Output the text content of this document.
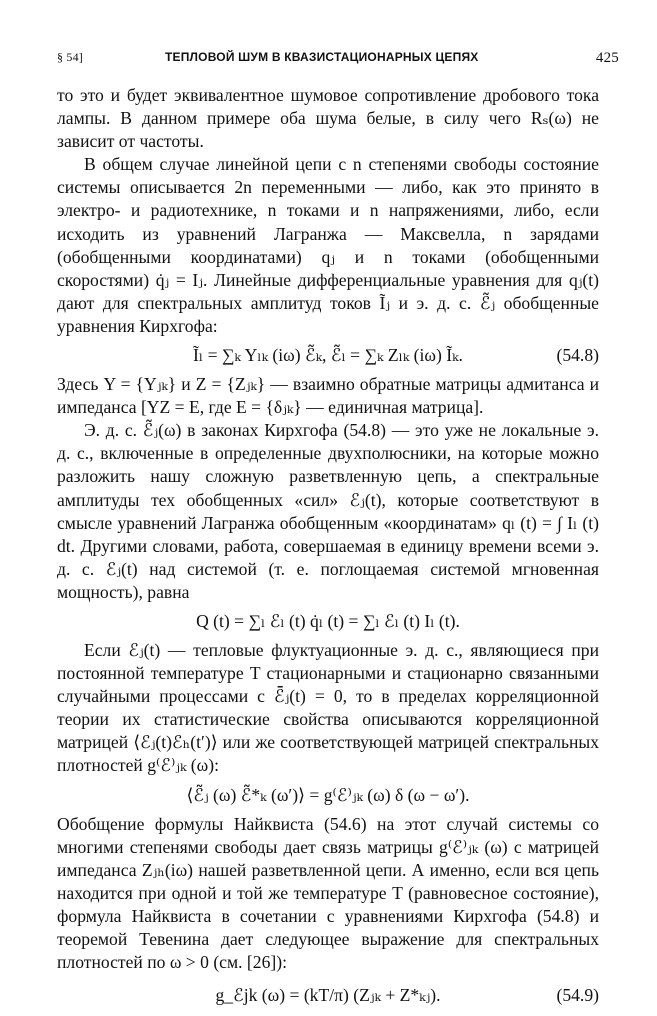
§ 54]	ТЕПЛОВОЙ ШУМ В КВАЗИСТАЦИОНАРНЫХ ЦЕПЯХ	425

то это и будет эквивалентное шумовое сопротивление дробового тока лампы. В данном примере оба шума белые, в силу чего Rₛ(ω) не зависит от частоты.

В общем случае линейной цепи с n степенями свободы состояние системы описывается 2n переменными — либо, как это принято в электро- и радиотехнике, n токами и n напряжениями, либо, если исходить из уравнений Лагранжа — Максвелла, n зарядами (обобщенными координатами) qⱼ и n токами (обобщенными скоростями) q̇ⱼ = Iⱼ. Линейные дифференциальные уравнения для qⱼ(t) дают для спектральных амплитуд токов Ĩⱼ и э. д. с. ℰ̃ⱼ обобщенные уравнения Кирхгофа:

Ĩₗ = ∑ₖ Yₗₖ (iω) ℰ̃ₖ, ℰ̃ₗ = ∑ₖ Zₗₖ (iω) Ĩₖ.	(54.8)

Здесь Y = {Yⱼₖ} и Z = {Zⱼₖ} — взаимно обратные матрицы адмитанса и импеданса [YZ = E, где E = {δⱼₖ} — единичная матрица].

Э. д. с. ℰ̃ⱼ(ω) в законах Кирхгофа (54.8) — это уже не локальные э. д. с., включенные в определенные двухполюсники, на которые можно разложить нашу сложную разветвленную цепь, а спектральные амплитуды тех обобщенных «сил» ℰⱼ(t), которые соответствуют в смысле уравнений Лагранжа обобщенным «координатам» qₗ (t) = ∫ Iₗ (t) dt. Другими словами, работа, совершаемая в единицу времени всеми э. д. с. ℰⱼ(t) над системой (т. е. поглощаемая системой мгновенная мощность), равна

Q (t) = ∑ₗ ℰₗ (t) q̇ₗ (t) = ∑ₗ ℰₗ (t) Iₗ (t).

Если ℰⱼ(t) — тепловые флуктуационные э. д. с., являющиеся при постоянной температуре T стационарными и стационарно связанными случайными процессами с ℰ̄ⱼ(t) = 0, то в пределах корреляционной теории их статистические свойства описываются корреляционной матрицей ⟨ℰⱼ(t)ℰₕ(t′)⟩ или же соответствующей матрицей спектральных плотностей g⁽ℰ⁾ⱼₖ (ω):

⟨ℰ̃ⱼ (ω) ℰ̃*ₖ (ω′)⟩ = g⁽ℰ⁾ⱼₖ (ω) δ (ω − ω′).

Обобщение формулы Найквиста (54.6) на этот случай системы со многими степенями свободы дает связь матрицы g⁽ℰ⁾ⱼₖ (ω) с матрицей импеданса Zⱼₕ(iω) нашей разветвленной цепи. А именно, если вся цепь находится при одной и той же температуре T (равновесное состояние), формула Найквиста в сочетании с уравнениями Кирхгофа (54.8) и теоремой Тевенина дает следующее выражение для спектральных плотностей по ω > 0 (см. [26]):

g_ℰjk (ω) = (kT/π) (Zⱼₖ + Z*ₖⱼ).	(54.9)
